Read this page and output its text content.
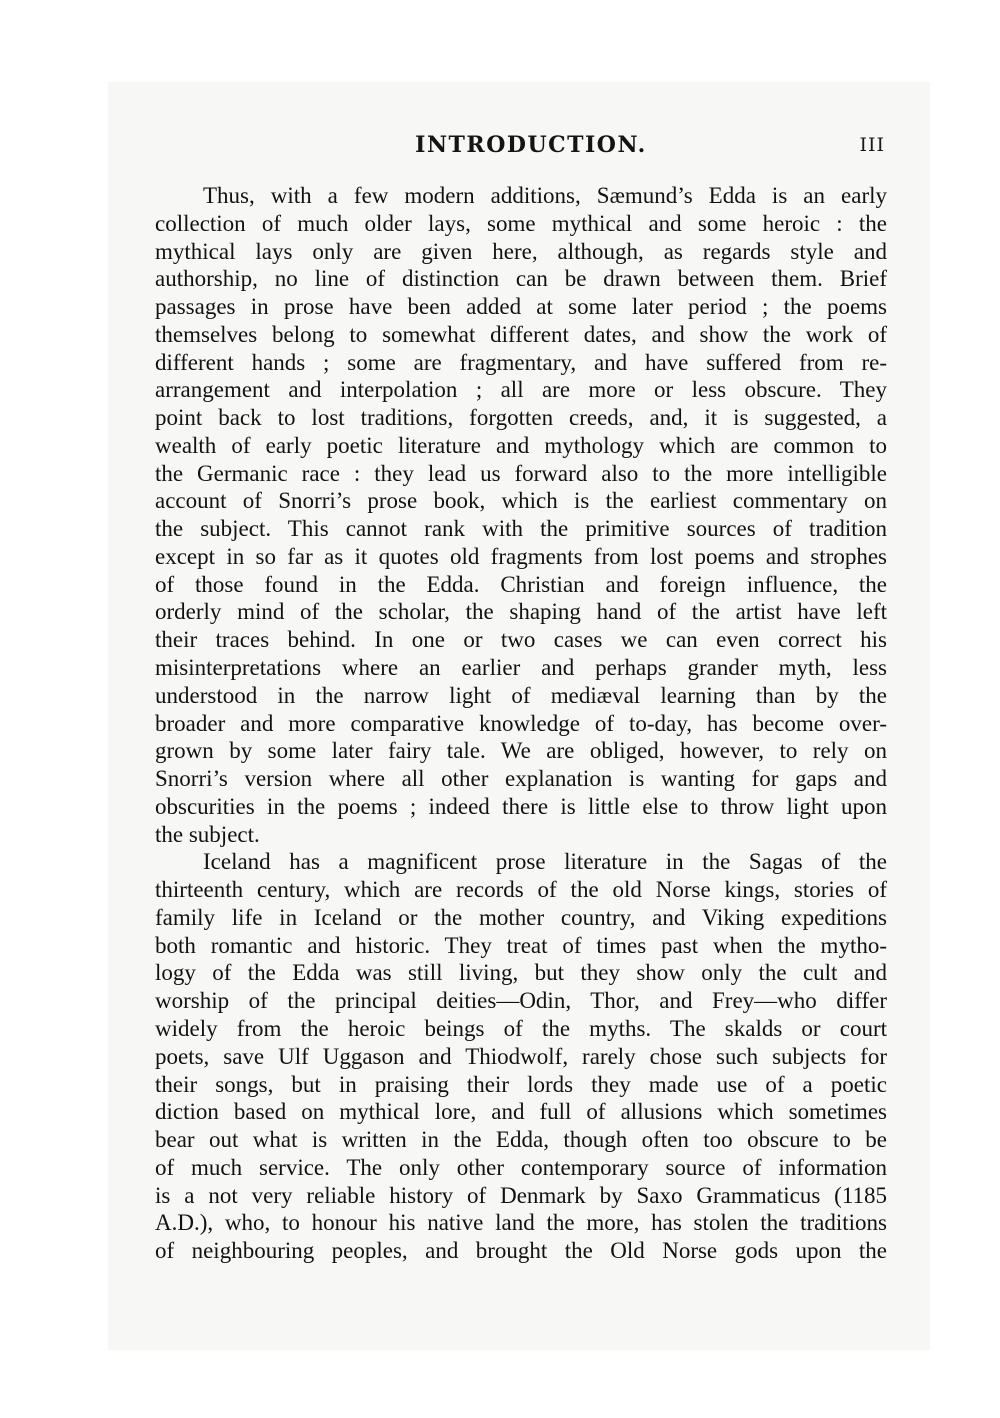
INTRODUCTION.	III
Thus, with a few modern additions, Sæmund’s Edda is an early
collection of much older lays, some mythical and some heroic : the
mythical lays only are given here, although, as regards style and
authorship, no line of distinction can be drawn between them. Brief
passages in prose have been added at some later period ; the poems
themselves belong to somewhat different dates, and show the work of
different hands ; some are fragmentary, and have suffered from re-
arrangement and interpolation ; all are more or less obscure. They
point back to lost traditions, forgotten creeds, and, it is suggested, a
wealth of early poetic literature and mythology which are common to
the Germanic race : they lead us forward also to the more intelligible
account of Snorri’s prose book, which is the earliest commentary on
the subject. This cannot rank with the primitive sources of tradition
except in so far as it quotes old fragments from lost poems and strophes
of those found in the Edda. Christian and foreign influence, the
orderly mind of the scholar, the shaping hand of the artist have left
their traces behind. In one or two cases we can even correct his
misinterpretations where an earlier and perhaps grander myth, less
understood in the narrow light of mediæval learning than by the
broader and more comparative knowledge of to-day, has become over-
grown by some later fairy tale. We are obliged, however, to rely on
Snorri’s version where all other explanation is wanting for gaps and
obscurities in the poems ; indeed there is little else to throw light upon
the subject.
Iceland has a magnificent prose literature in the Sagas of the
thirteenth century, which are records of the old Norse kings, stories of
family life in Iceland or the mother country, and Viking expeditions
both romantic and historic. They treat of times past when the mytho-
logy of the Edda was still living, but they show only the cult and
worship of the principal deities—Odin, Thor, and Frey—who differ
widely from the heroic beings of the myths. The skalds or court
poets, save Ulf Uggason and Thiodwolf, rarely chose such subjects for
their songs, but in praising their lords they made use of a poetic
diction based on mythical lore, and full of allusions which sometimes
bear out what is written in the Edda, though often too obscure to be
of much service. The only other contemporary source of information
is a not very reliable history of Denmark by Saxo Grammaticus (1185
A.D.), who, to honour his native land the more, has stolen the traditions
of neighbouring peoples, and brought the Old Norse gods upon the
